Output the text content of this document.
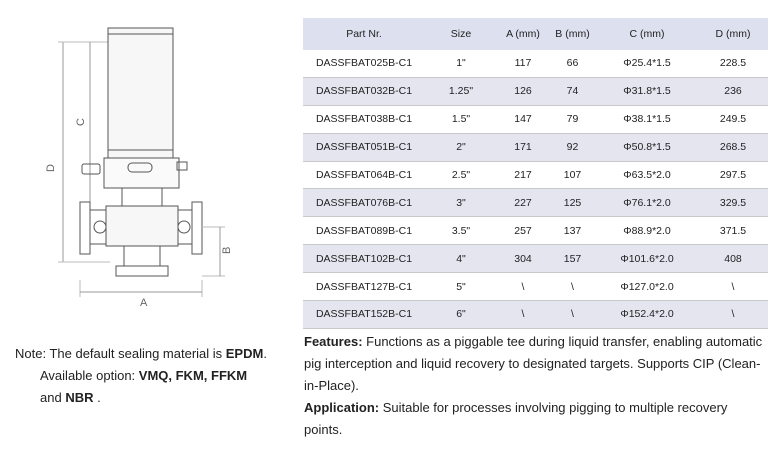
D
C
A
B
Part Nr.	Size	A (mm)	B (mm)	C (mm)	D (mm)
DASSFBAT025B-C1	1"	117	66	Φ25.4*1.5	228.5
DASSFBAT032B-C1	1.25"	126	74	Φ31.8*1.5	236
DASSFBAT038B-C1	1.5"	147	79	Φ38.1*1.5	249.5
DASSFBAT051B-C1	2"	171	92	Φ50.8*1.5	268.5
DASSFBAT064B-C1	2.5"	217	107	Φ63.5*2.0	297.5
DASSFBAT076B-C1	3"	227	125	Φ76.1*2.0	329.5
DASSFBAT089B-C1	3.5"	257	137	Φ88.9*2.0	371.5
DASSFBAT102B-C1	4"	304	157	Φ101.6*2.0	408
DASSFBAT127B-C1	5"	\	\	Φ127.0*2.0	\
DASSFBAT152B-C1	6"	\	\	Φ152.4*2.0	\
Note: The default sealing material is EPDM.
Available option: VMQ, FKM, FFKM
and NBR .

Features: Functions as a piggable tee during liquid transfer, enabling automatic pig interception and liquid recovery to designated targets. Supports CIP (Clean-in-Place).

Application: Suitable for processes involving pigging to multiple recovery points.
